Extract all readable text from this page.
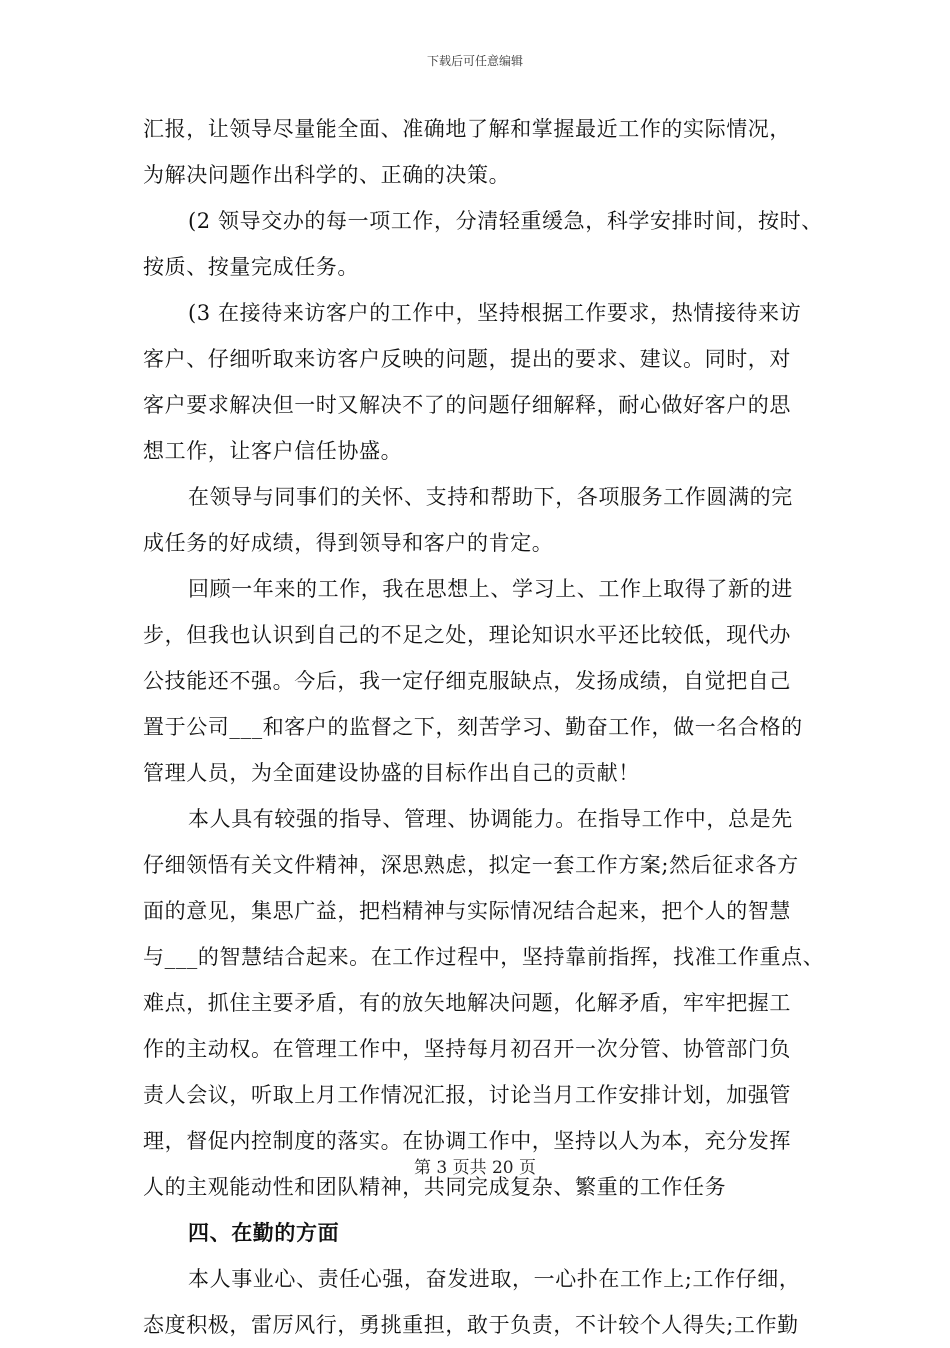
下载后可任意编辑
汇报，让领导尽量能全面、准确地了解和掌握最近工作的实际情况，
为解决问题作出科学的、正确的决策。
(2 领导交办的每一项工作，分清轻重缓急，科学安排时间，按时、
按质、按量完成任务。
(3 在接待来访客户的工作中，坚持根据工作要求，热情接待来访
客户、仔细听取来访客户反映的问题，提出的要求、建议。同时，对
客户要求解决但一时又解决不了的问题仔细解释，耐心做好客户的思
想工作，让客户信任协盛。
在领导与同事们的关怀、支持和帮助下，各项服务工作圆满的完
成任务的好成绩，得到领导和客户的肯定。
回顾一年来的工作，我在思想上、学习上、工作上取得了新的进
步，但我也认识到自己的不足之处，理论知识水平还比较低，现代办
公技能还不强。今后，我一定仔细克服缺点，发扬成绩，自觉把自己
置于公司___和客户的监督之下，刻苦学习、勤奋工作，做一名合格的
管理人员，为全面建设协盛的目标作出自己的贡献！
本人具有较强的指导、管理、协调能力。在指导工作中，总是先
仔细领悟有关文件精神，深思熟虑，拟定一套工作方案;然后征求各方
面的意见，集思广益，把档精神与实际情况结合起来，把个人的智慧
与___的智慧结合起来。在工作过程中，坚持靠前指挥，找准工作重点、
难点，抓住主要矛盾，有的放矢地解决问题，化解矛盾，牢牢把握工
作的主动权。在管理工作中，坚持每月初召开一次分管、协管部门负
责人会议，听取上月工作情况汇报，讨论当月工作安排计划，加强管
理，督促内控制度的落实。在协调工作中，坚持以人为本，充分发挥
人的主观能动性和团队精神，共同完成复杂、繁重的工作任务
四、在勤的方面
本人事业心、责任心强，奋发进取，一心扑在工作上;工作仔细，
态度积极，雷厉风行，勇挑重担，敢于负责，不计较个人得失;工作勤
第 3 页共 20 页
